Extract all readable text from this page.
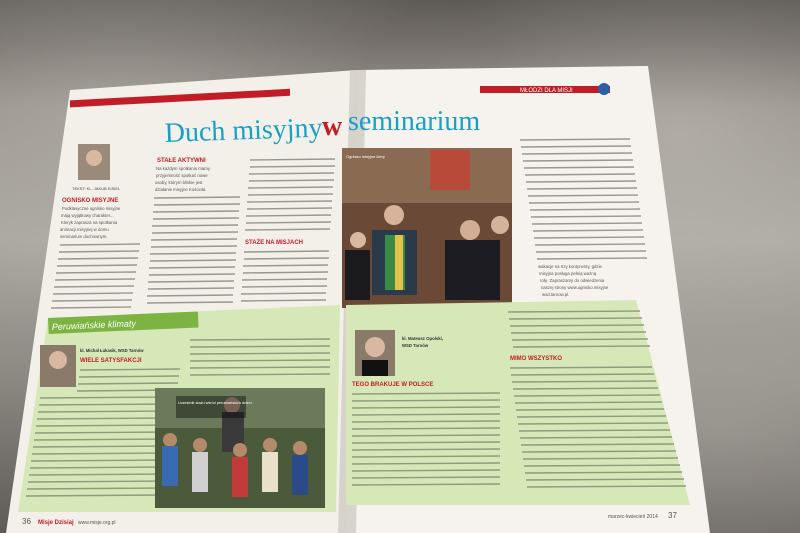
MŁODZI DLA MISJI
Duch misyjny
w seminarium
TEKST: KL. JAKUB KISIEL
OGNISKO MISYJNE
Podklasyczne ognisko misyjne
mają wyjątkowy charakter...
Kleryk zaprasza na spotkania
animacji misyjnej w domu
seminarium duchownym.
STAŁE AKTYWNI
Na każdym spotkaniu mamy
przyjemność spotkać nowe
osoby, którym bliskie jest
działanie misyjne Kościoła.
STAŻE NA MISJACH
Ognisko misyjne klery
wakacje na trzy kontynenty, gdzie
misyjna posługa pełnią ważną
rolę. Zapraszamy do odwiedzenia
naszej strony www.ognisko.misyjne
wsd.tarnow.pl.
Peruwiańskie klimaty
kl. Michał Łukasik, WSD Tarnów
WIELE SATYSFAKCJI
Uczestnik stażu wśród peruwiańskich dzieci
kl. Mateusz Opolski,
WSD Tarnów
TEGO BRAKUJE W POLSCE
MIMO WSZYSTKO
36 Misje Dzisiaj www.misje.org.pl
marzec-kwiecień 2014 37
